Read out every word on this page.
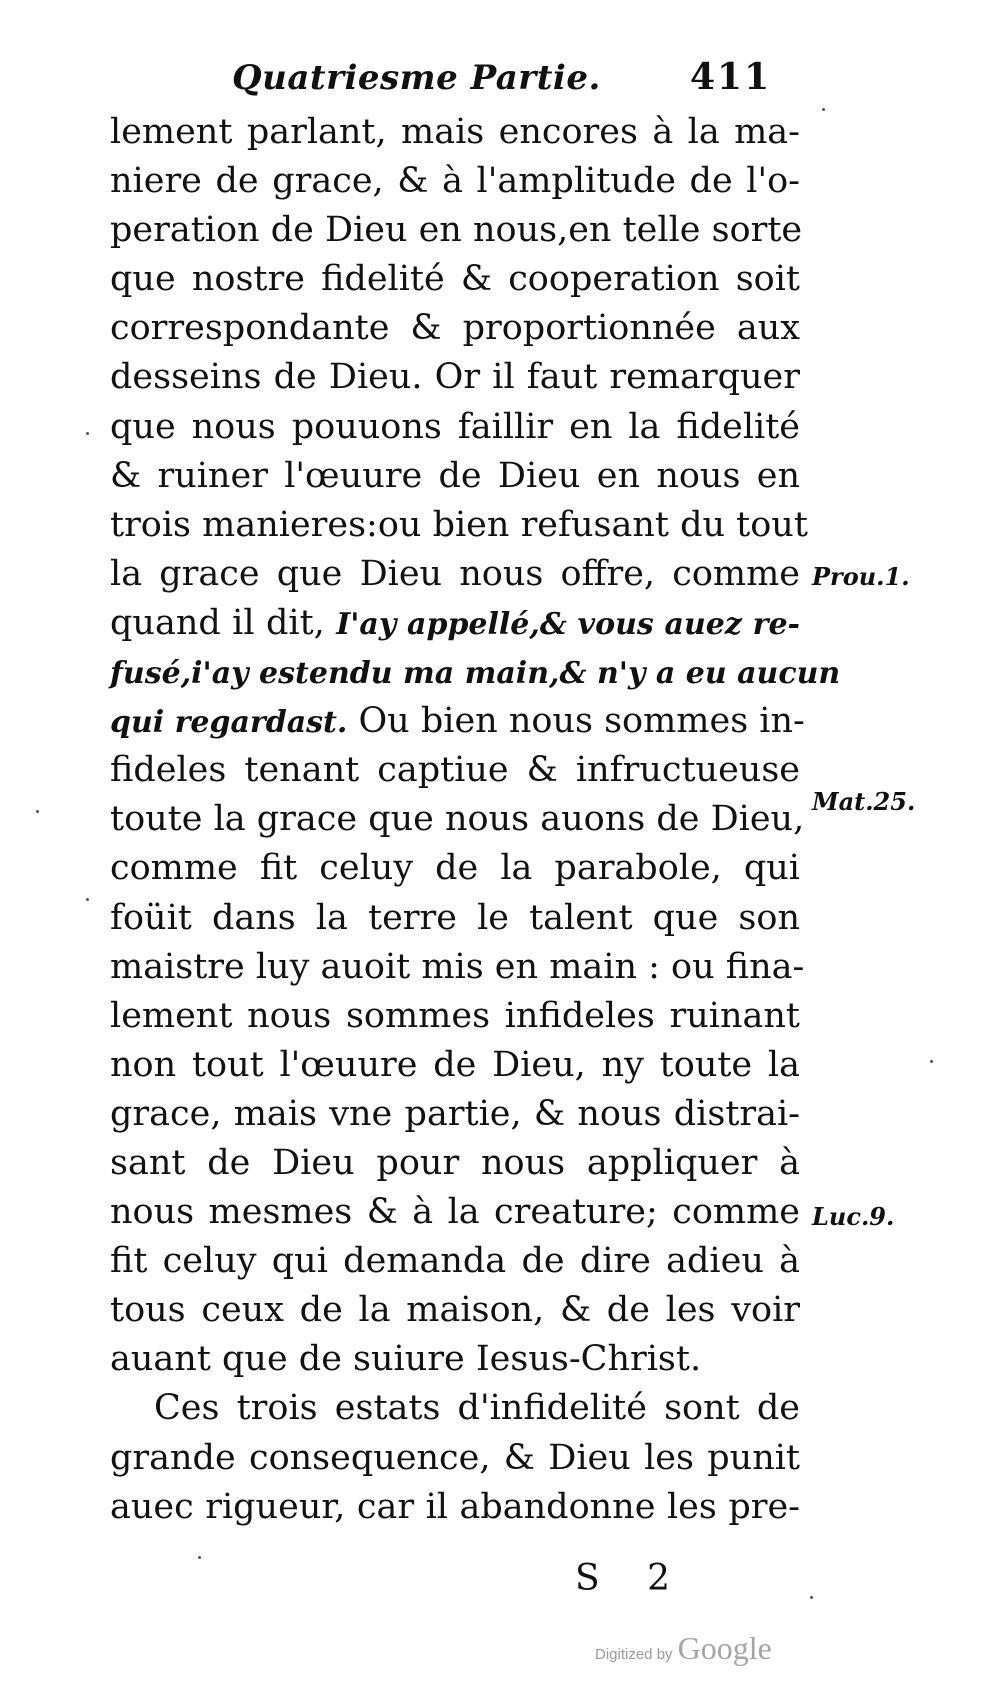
Quatriesme Partie. 411
lement parlant, mais encores à la ma-
niere de grace, & à l'amplitude de l'o-
peration de Dieu en nous,en telle sorte
que nostre fidelité & cooperation soit
correspondante & proportionnée aux
desseins de Dieu. Or il faut remarquer
que nous pouuons faillir en la fidelité
& ruiner l'œuure de Dieu en nous en
trois manieres:ou bien refusant du tout
la grace que Dieu nous offre, comme
quand il dit, I'ay appellé,& vous auez re-
fusé,i'ay estendu ma main,& n'y a eu aucun
qui regardast. Ou bien nous sommes in-
fideles tenant captiue & infructueuse
toute la grace que nous auons de Dieu,
comme fit celuy de la parabole, qui
foüit dans la terre le talent que son
maistre luy auoit mis en main : ou fina-
lement nous sommes infideles ruinant
non tout l'œuure de Dieu, ny toute la
grace, mais vne partie, & nous distrai-
sant de Dieu pour nous appliquer à
nous mesmes & à la creature; comme
fit celuy qui demanda de dire adieu à
tous ceux de la maison, & de les voir
auant que de suiure Iesus-Christ.
Ces trois estats d'infidelité sont de
grande consequence, & Dieu les punit
auec rigueur, car il abandonne les pre-
Prou.1.
Mat.25.
Luc.9.
S 2
Digitized by Google
